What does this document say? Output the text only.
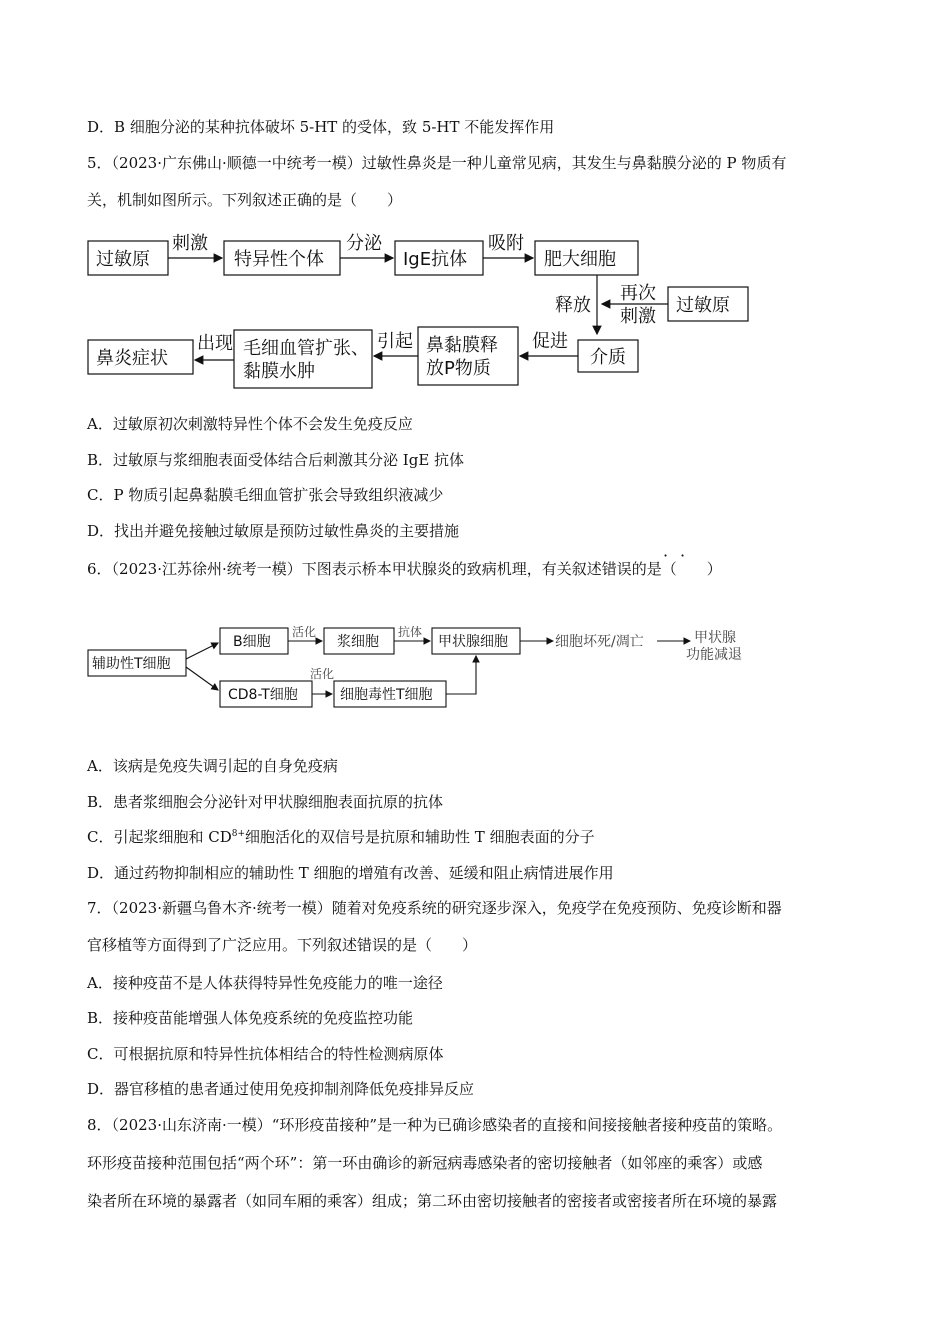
D．B 细胞分泌的某种抗体破坏 5-HT 的受体，致 5-HT 不能发挥作用
5．（2023·广东佛山·顺德一中统考一模）过敏性鼻炎是一种儿童常见病，其发生与鼻黏膜分泌的 P 物质有
关，机制如图所示。下列叙述正确的是（　　）
过敏原
刺激
特异性个体
分泌
IgE抗体
吸附
肥大细胞
释放
再次
刺激
过敏原
介质
促进
鼻黏膜释
放P物质
引起
毛细血管扩张、
黏膜水肿
出现
鼻炎症状
A．过敏原初次刺激特异性个体不会发生免疫反应
B．过敏原与浆细胞表面受体结合后刺激其分泌 IgE 抗体
C．P 物质引起鼻黏膜毛细血管扩张会导致组织液减少
D．找出并避免接触过敏原是预防过敏性鼻炎的主要措施
· ·
6．（2023·江苏徐州·统考一模）下图表示桥本甲状腺炎的致病机理，有关叙述错误的是（　　）
辅助性T细胞
B细胞
活化
浆细胞
抗体
甲状腺细胞	细胞坏死/凋亡	甲状腺
功能减退
CD8-T细胞
活化
细胞毒性T细胞
A．该病是免疫失调引起的自身免疫病
B．患者浆细胞会分泌针对甲状腺细胞表面抗原的抗体
C．引起浆细胞和 $CD^{8+}$细胞活化的双信号是抗原和辅助性 T 细胞表面的分子
D．通过药物抑制相应的辅助性 T 细胞的增殖有改善、延缓和阻止病情进展作用
7．（2023·新疆乌鲁木齐·统考一模）随着对免疫系统的研究逐步深入，免疫学在免疫预防、免疫诊断和器
官移植等方面得到了广泛应用。下列叙述错误的是（　　）
A．接种疫苗不是人体获得特异性免疫能力的唯一途径
B．接种疫苗能增强人体免疫系统的免疫监控功能
C．可根据抗原和特异性抗体相结合的特性检测病原体
D．器官移植的患者通过使用免疫抑制剂降低免疫排异反应
8．（2023·山东济南·一模）“环形疫苗接种”是一种为已确诊感染者的直接和间接接触者接种疫苗的策略。
环形疫苗接种范围包括“两个环”：第一环由确诊的新冠病毒感染者的密切接触者（如邻座的乘客）或感
染者所在环境的暴露者（如同车厢的乘客）组成；第二环由密切接触者的密接者或密接者所在环境的暴露
